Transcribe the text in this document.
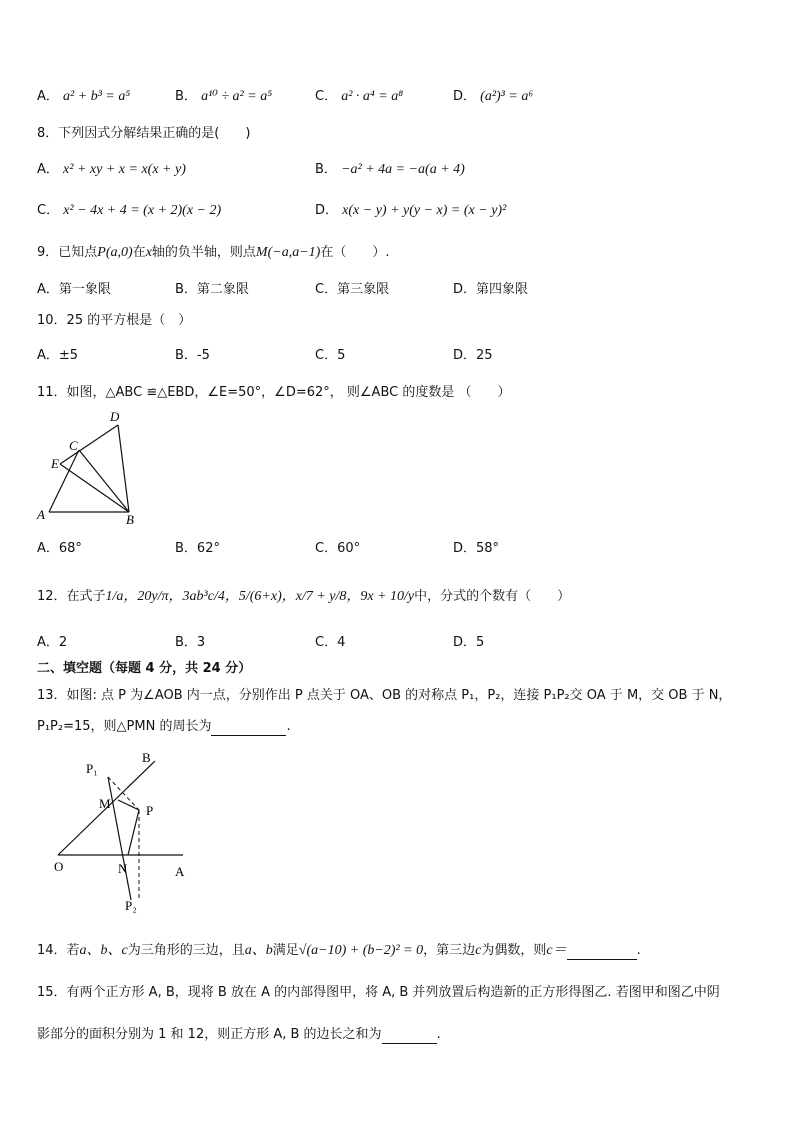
A． a² + b³ = a⁵	B． a¹⁰ ÷ a² = a⁵	C． a² · a⁴ = a⁸	D． (a²)³ = a⁶
8．下列因式分解结果正确的是(　　)
A． x² + xy + x = x(x + y)	B． −a² + 4a = −a(a + 4)
C． x² − 4x + 4 = (x + 2)(x − 2)	D． x(x − y) + y(y − x) = (x − y)²
9．已知点P(a,0)在x轴的负半轴，则点M(−a,a−1)在（　　）.
A．第一象限	B．第二象限	C．第三象限	D．第四象限
10．25 的平方根是（　）
A．±5	B．-5	C．5	D．25
11．如图，△ABC ≌△EBD，∠E=50°，∠D=62°， 则∠ABC 的度数是 （　　）
D
C
E
A	B
A．68°	B．62°	C．60°	D．58°
12．在式子1/a，20y/π，3ab³c/4，5/(6+x)，x/7 + y/8，9x + 10/y中，分式的个数有（　　）
A．2	B．3	C．4	D．5
二、填空题（每题 4 分，共 24 分）
13．如图: 点 P 为∠AOB 内一点，分别作出 P 点关于 OA、OB 的对称点 P₁，P₂，连接 P₁P₂交 OA 于 M，交 OB 于 N，
P₁P₂=15，则△PMN 的周长为	.
B
P₁
M	P
O	N	A
P₂
14．若a、b、c为三角形的三边，且a、b满足√(a−10) + (b−2)² = 0，第三边c为偶数，则c＝	.
15．有两个正方形 A, B，现将 B 放在 A 的内部得图甲，将 A, B 并列放置后构造新的正方形得图乙. 若图甲和图乙中阴
影部分的面积分别为 1 和 12，则正方形 A, B 的边长之和为	.
